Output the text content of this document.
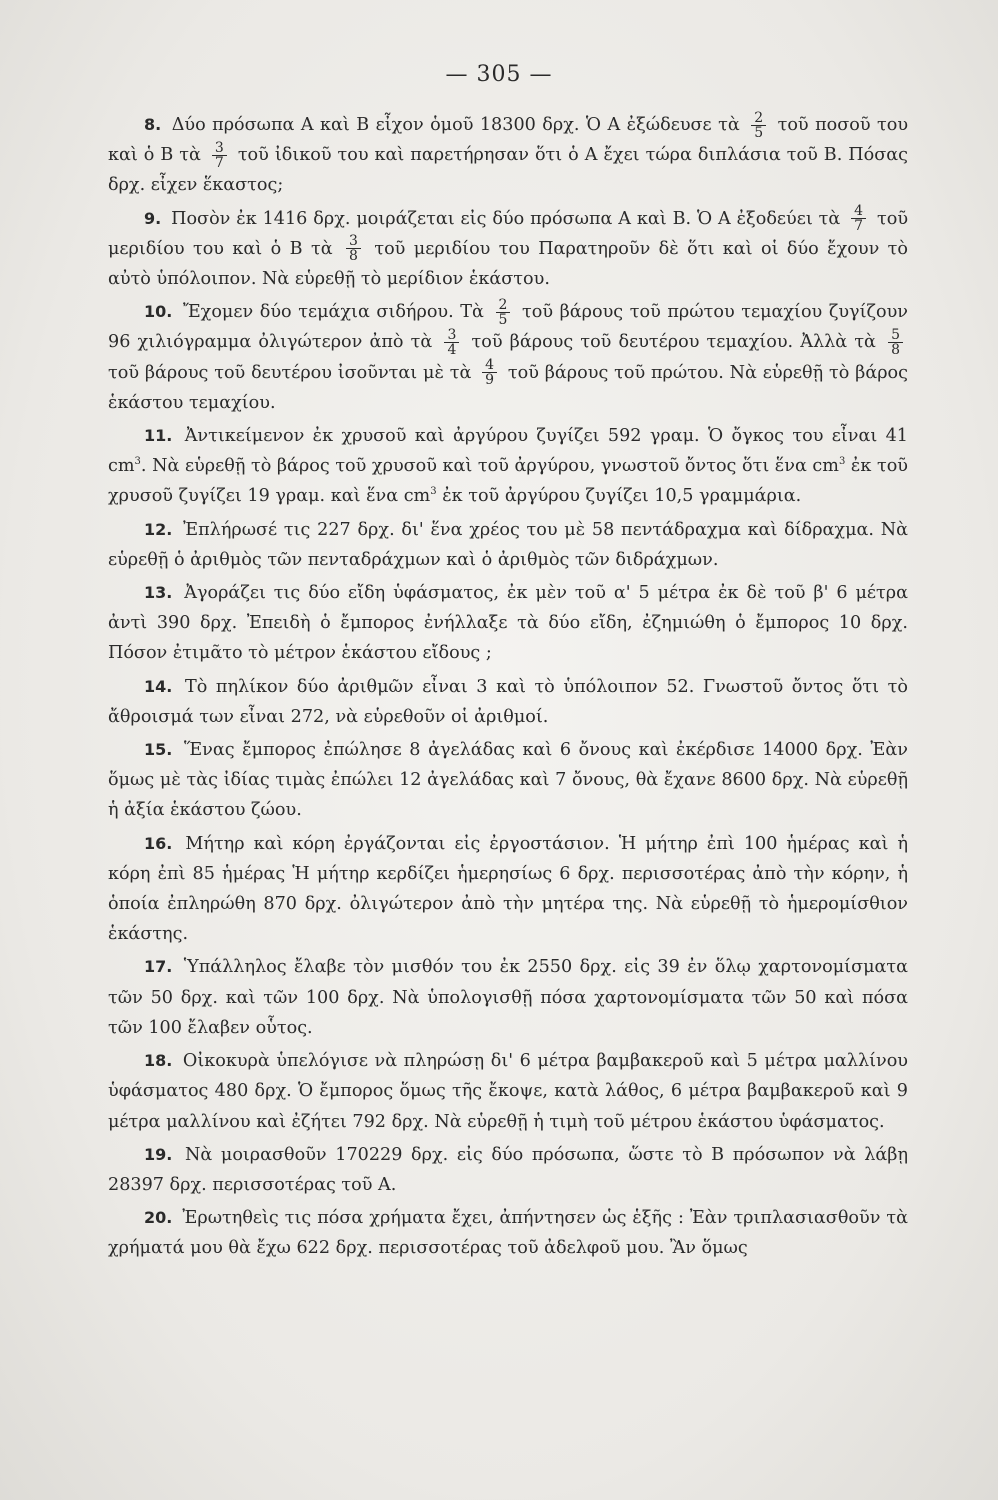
— 305 —

8. Δύο πρόσωπα Α καὶ Β εἶχον ὁμοῦ 18300 δρχ. Ὁ Α ἐξώδευσε τὰ $\frac{2}{5}$ τοῦ ποσοῦ του καὶ ὁ Β τὰ $\frac{3}{7}$ τοῦ ἰδικοῦ του καὶ παρετήρησαν ὅτι ὁ Α ἔχει τώρα διπλάσια τοῦ Β. Πόσας δρχ. εἶχεν ἕκαστος;

9. Ποσὸν ἐκ 1416 δρχ. μοιράζεται εἰς δύο πρόσωπα Α καὶ Β. Ὁ Α ἐξοδεύει τὰ $\frac{4}{7}$ τοῦ μεριδίου του καὶ ὁ Β τὰ $\frac{3}{8}$ τοῦ μεριδίου του Παρατηροῦν δὲ ὅτι καὶ οἱ δύο ἔχουν τὸ αὐτὸ ὑπόλοιπον. Νὰ εὑρεθῇ τὸ μερίδιον ἑκάστου.

10. Ἔχομεν δύο τεμάχια σιδήρου. Τὰ $\frac{2}{5}$ τοῦ βάρους τοῦ πρώτου τεμαχίου ζυγίζουν 96 χιλιόγραμμα ὀλιγώτερον ἀπὸ τὰ $\frac{3}{4}$ τοῦ βάρους τοῦ δευτέρου τεμαχίου. Ἀλλὰ τὰ $\frac{5}{8}$
τοῦ βάρους τοῦ δευτέρου ἰσοῦνται μὲ τὰ $\frac{4}{9}$ τοῦ βάρους τοῦ πρώτου. Νὰ εὑρεθῇ τὸ βάρος ἑκάστου τεμαχίου.

11. Ἀντικείμενον ἐκ χρυσοῦ καὶ ἀργύρου ζυγίζει 592 γραμ. Ὁ ὄγκος του εἶναι 41 $cm^3$. Νὰ εὑρεθῇ τὸ βάρος τοῦ χρυσοῦ καὶ τοῦ ἀργύρου, γνωστοῦ ὄντος ὅτι ἕνα $cm^3$ ἐκ τοῦ χρυσοῦ ζυγίζει 19 γραμ. καὶ ἕνα $cm^3$ ἐκ τοῦ ἀργύρου ζυγίζει 10,5 γραμμάρια.

12. Ἐπλήρωσέ τις 227 δρχ. δι' ἕνα χρέος του μὲ 58 πεντάδραχμα καὶ δίδραχμα. Νὰ εὑρεθῇ ὁ ἀριθμὸς τῶν πενταδράχμων καὶ ὁ ἀριθμὸς τῶν διδράχμων.

13. Ἀγοράζει τις δύο εἴδη ὑφάσματος, ἐκ μὲν τοῦ α' 5 μέτρα ἐκ δὲ τοῦ β' 6 μέτρα ἀντὶ 390 δρχ. Ἐπειδὴ ὁ ἔμπορος ἐνήλλαξε τὰ δύο εἴδη, ἐζημιώθη ὁ ἔμπορος 10 δρχ. Πόσον ἐτιμᾶτο τὸ μέτρον ἑκάστου εἴδους ;

14. Τὸ πηλίκον δύο ἀριθμῶν εἶναι 3 καὶ τὸ ὑπόλοιπον 52. Γνωστοῦ ὄντος ὅτι τὸ ἄθροισμά των εἶναι 272, νὰ εὑρεθοῦν οἱ ἀριθμοί.

15. Ἕνας ἔμπορος ἐπώλησε 8 ἀγελάδας καὶ 6 ὄνους καὶ ἐκέρδισε 14000 δρχ. Ἐὰν ὅμως μὲ τὰς ἰδίας τιμὰς ἐπώλει 12 ἀγελάδας καὶ 7 ὄνους, θὰ ἔχανε 8600 δρχ. Νὰ εὑρεθῇ ἡ ἀξία ἑκάστου ζώου.

16. Μήτηρ καὶ κόρη ἐργάζονται εἰς ἐργοστάσιον. Ἡ μήτηρ ἐπὶ 100 ἡμέρας καὶ ἡ κόρη ἐπὶ 85 ἡμέρας Ἡ μήτηρ κερδίζει ἡμερησίως 6 δρχ. περισσοτέρας ἀπὸ τὴν κόρην, ἡ ὁποία ἐπληρώθη 870 δρχ. ὀλιγώτερον ἀπὸ τὴν μητέρα της. Νὰ εὑρεθῇ τὸ ἡμερομίσθιον ἑκάστης.

17. Ὑπάλληλος ἔλαβε τὸν μισθόν του ἐκ 2550 δρχ. εἰς 39 ἐν ὅλῳ χαρτονομίσματα τῶν 50 δρχ. καὶ τῶν 100 δρχ. Νὰ ὑπολογισθῇ πόσα χαρτονομίσματα τῶν 50 καὶ πόσα τῶν 100 ἔλαβεν οὗτος.

18. Οἰκοκυρὰ ὑπελόγισε νὰ πληρώσῃ δι' 6 μέτρα βαμβακεροῦ καὶ 5 μέτρα μαλλίνου ὑφάσματος 480 δρχ. Ὁ ἔμπορος ὅμως τῆς ἔκοψε, κατὰ λάθος, 6 μέτρα βαμβακεροῦ καὶ 9 μέτρα μαλλίνου καὶ ἐζήτει 792 δρχ. Νὰ εὑρεθῇ ἡ τιμὴ τοῦ μέτρου ἑκάστου ὑφάσματος.

19. Νὰ μοιρασθοῦν 170229 δρχ. εἰς δύο πρόσωπα, ὥστε τὸ Β πρόσωπον νὰ λάβῃ 28397 δρχ. περισσοτέρας τοῦ Α.

20. Ἐρωτηθεὶς τις πόσα χρήματα ἔχει, ἀπήντησεν ὡς ἑξῆς : Ἐὰν τριπλασιασθοῦν τὰ χρήματά μου θὰ ἔχω 622 δρχ. περισσοτέρας τοῦ ἀδελφοῦ μου. Ἂν ὅμως
